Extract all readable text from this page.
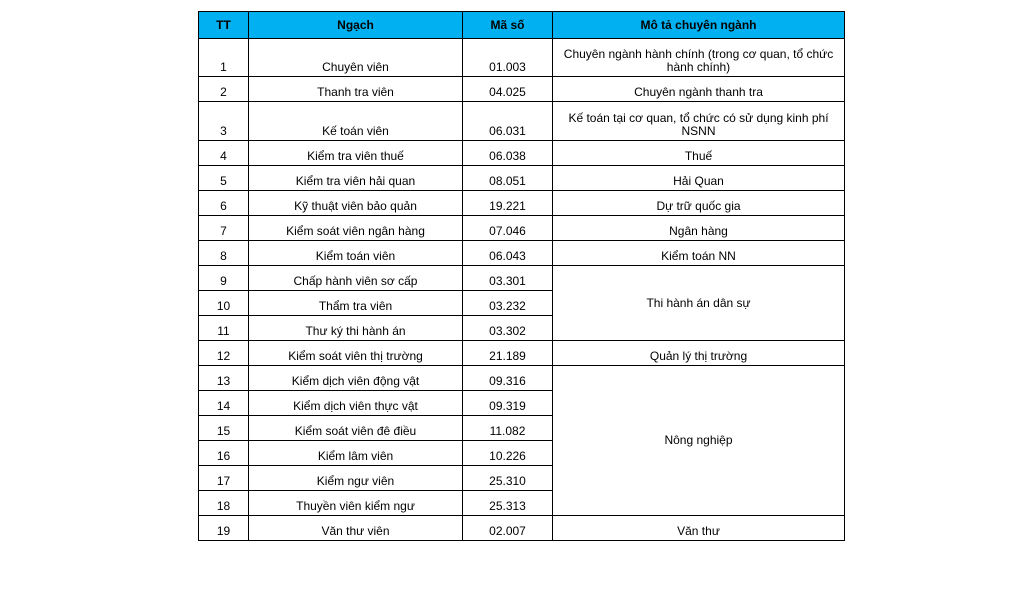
TT	Ngạch	Mã số	Mô tả chuyên ngành
1	Chuyên viên	01.003	Chuyên ngành hành chính (trong cơ quan, tổ chức hành chính)
2	Thanh tra viên	04.025	Chuyên ngành thanh tra
3	Kế toán viên	06.031	Kế toán tại cơ quan, tổ chức có sử dụng kinh phí NSNN
4	Kiểm tra viên thuế	06.038	Thuế
5	Kiểm tra viên hải quan	08.051	Hải Quan
6	Kỹ thuật viên bảo quản	19.221	Dự trữ quốc gia
7	Kiểm soát viên ngân hàng	07.046	Ngân hàng
8	Kiểm toán viên	06.043	Kiểm toán NN
9	Chấp hành viên sơ cấp	03.301	Thi hành án dân sự
10	Thẩm tra viên	03.232	
11	Thư ký thi hành án	03.302	
12	Kiểm soát viên thị trường	21.189	Quản lý thị trường
13	Kiểm dịch viên động vật	09.316	Nông nghiệp
14	Kiểm dịch viên thực vật	09.319	
15	Kiểm soát viên đê điều	11.082	
16	Kiểm lâm viên	10.226	
17	Kiểm ngư viên	25.310	
18	Thuyền viên kiểm ngư	25.313	
19	Văn thư viên	02.007	Văn thư
